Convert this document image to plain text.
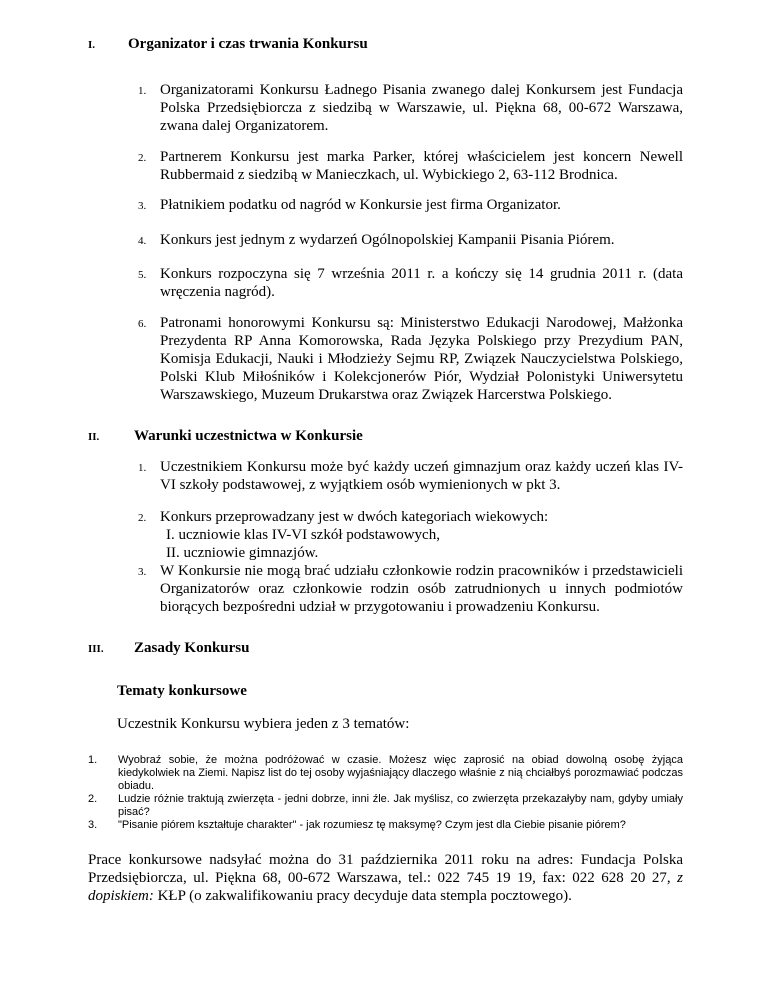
I. Organizator i czas trwania Konkursu
1. Organizatorami Konkursu Ładnego Pisania zwanego dalej Konkursem jest Fundacja Polska Przedsiębiorcza z siedzibą w Warszawie, ul. Piękna 68, 00-672 Warszawa, zwana dalej Organizatorem.
2. Partnerem Konkursu jest marka Parker, której właścicielem jest koncern Newell Rubbermaid z siedzibą w Manieczkach, ul. Wybickiego 2, 63-112 Brodnica.
3. Płatnikiem podatku od nagród w Konkursie jest firma Organizator.
4. Konkurs jest jednym z wydarzeń Ogólnopolskiej Kampanii Pisania Piórem.
5. Konkurs rozpoczyna się 7 września 2011 r. a kończy się 14 grudnia 2011 r. (data wręczenia nagród).
6. Patronami honorowymi Konkursu są: Ministerstwo Edukacji Narodowej, Małżonka Prezydenta RP Anna Komorowska, Rada Języka Polskiego przy Prezydium PAN, Komisja Edukacji, Nauki i Młodzieży Sejmu RP, Związek Nauczycielstwa Polskiego, Polski Klub Miłośników i Kolekcjonerów Piór, Wydział Polonistyki Uniwersytetu Warszawskiego, Muzeum Drukarstwa oraz Związek Harcerstwa Polskiego.
II. Warunki uczestnictwa w Konkursie
1. Uczestnikiem Konkursu może być każdy uczeń gimnazjum oraz każdy uczeń klas IV-VI szkoły podstawowej, z wyjątkiem osób wymienionych w pkt 3.
2. Konkurs przeprowadzany jest w dwóch kategoriach wiekowych:
I. uczniowie klas IV-VI szkół podstawowych,
II. uczniowie gimnazjów.
3. W Konkursie nie mogą brać udziału członkowie rodzin pracowników i przedstawicieli Organizatorów oraz członkowie rodzin osób zatrudnionych u innych podmiotów biorących bezpośredni udział w przygotowaniu i prowadzeniu Konkursu.
III. Zasady Konkursu
Tematy konkursowe
Uczestnik Konkursu wybiera jeden z 3 tematów:
1. Wyobraź sobie, że można podróżować w czasie. Możesz więc zaprosić na obiad dowolną osobę żyjąca kiedykolwiek na Ziemi. Napisz list do tej osoby wyjaśniający dlaczego właśnie z nią chciałbyś porozmawiać podczas obiadu.
2. Ludzie różnie traktują zwierzęta - jedni dobrze, inni źle. Jak myślisz, co zwierzęta przekazałyby nam, gdyby umiały pisać?
3. "Pisanie piórem kształtuje charakter" - jak rozumiesz tę maksymę? Czym jest dla Ciebie pisanie piórem?
Prace konkursowe nadsyłać można do 31 października 2011 roku na adres: Fundacja Polska Przedsiębiorcza, ul. Piękna 68, 00-672 Warszawa, tel.: 022 745 19 19, fax: 022 628 20 27, z dopiskiem: KŁP (o zakwalifikowaniu pracy decyduje data stempla pocztowego).
